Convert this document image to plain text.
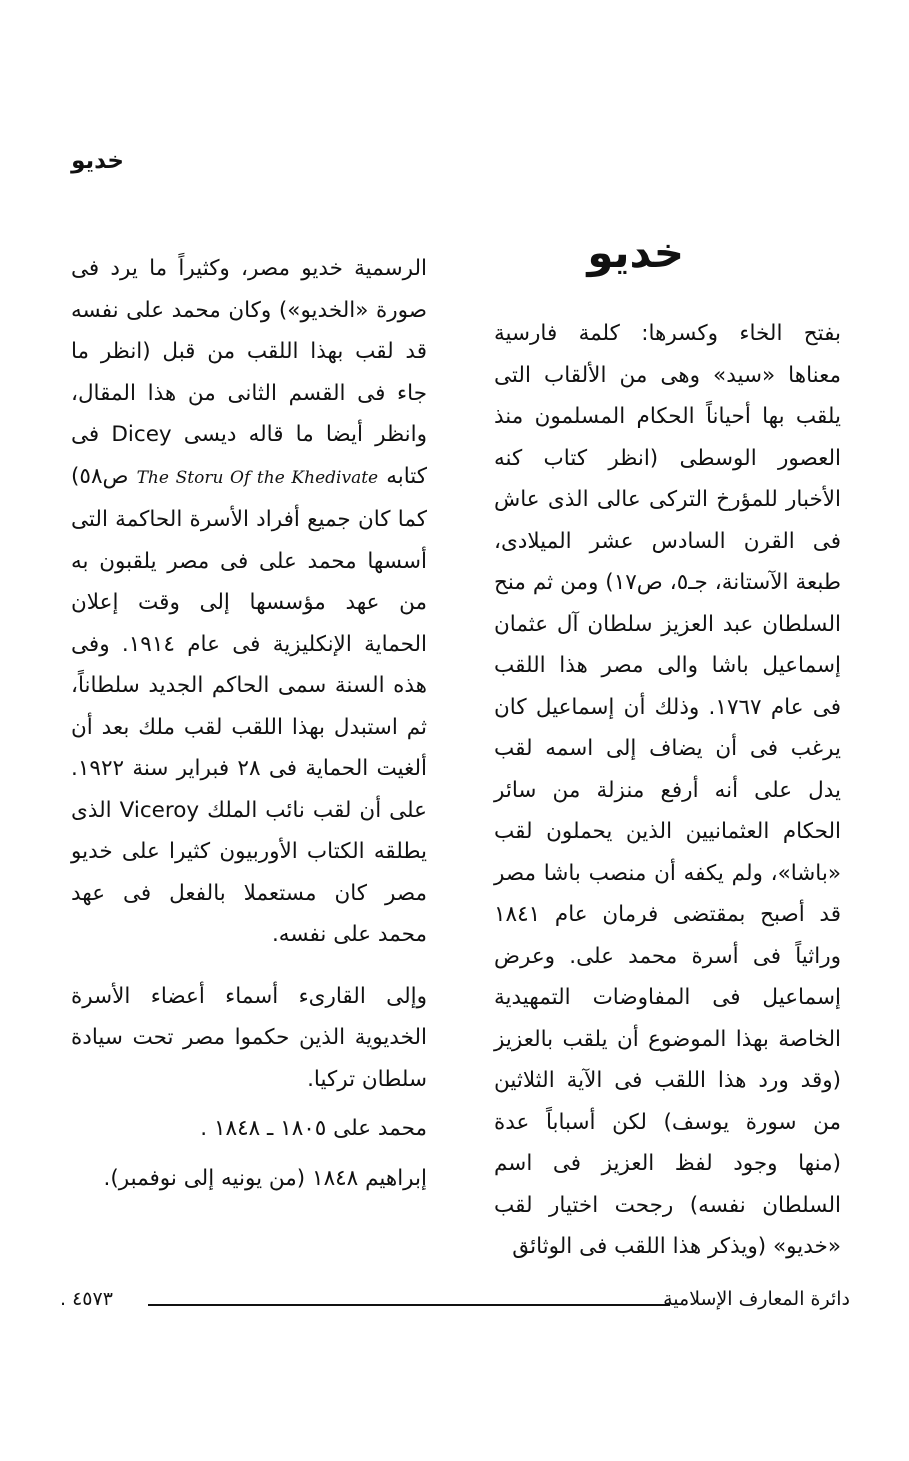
خديو
خديو

بفتح الخاء وكسرها: كلمة فارسية معناها «سيد» وهى من الألقاب التى يلقب بها أحياناً الحكام المسلمون منذ العصور الوسطى (انظر كتاب كنه الأخبار للمؤرخ التركى عالى الذى عاش فى القرن السادس عشر الميلادى، طبعة الآستانة، جـ٥، ص١٧) ومن ثم منح السلطان عبد العزيز سلطان آل عثمان إسماعيل باشا والى مصر هذا اللقب فى عام ١٧٦٧. وذلك أن إسماعيل كان يرغب فى أن يضاف إلى اسمه لقب يدل على أنه أرفع منزلة من سائر الحكام العثمانيين الذين يحملون لقب «باشا»، ولم يكفه أن منصب باشا مصر قد أصبح بمقتضى فرمان عام ١٨٤١ وراثياً فى أسرة محمد على. وعرض إسماعيل فى المفاوضات التمهيدية الخاصة بهذا الموضوع أن يلقب بالعزيز (وقد ورد هذا اللقب فى الآية الثلاثين من سورة يوسف) لكن أسباباً عدة (منها وجود لفظ العزيز فى اسم السلطان نفسه) رجحت اختيار لقب «خديو» (ويذكر هذا اللقب فى الوثائق

الرسمية خديو مصر، وكثيراً ما يرد فى صورة «الخديو») وكان محمد على نفسه قد لقب بهذا اللقب من قبل (انظر ما جاء فى القسم الثانى من هذا المقال، وانظر أيضا ما قاله ديسى Dicey فى كتابه The Storu Of the Khedivate ص٥٨) كما كان جميع أفراد الأسرة الحاكمة التى أسسها محمد على فى مصر يلقبون به من عهد مؤسسها إلى وقت إعلان الحماية الإنكليزية فى عام ١٩١٤. وفى هذه السنة سمى الحاكم الجديد سلطاناً، ثم استبدل بهذا اللقب لقب ملك بعد أن ألغيت الحماية فى ٢٨ فبراير سنة ١٩٢٢. على أن لقب نائب الملك Viceroy الذى يطلقه الكتاب الأوربيون كثيرا على خديو مصر كان مستعملا بالفعل فى عهد محمد على نفسه.

وإلى القارىء أسماء أعضاء الأسرة الخديوية الذين حكموا مصر تحت سيادة سلطان تركيا.

محمد على ١٨٠٥ ـ ١٨٤٨ .

إبراهيم ١٨٤٨ (من يونيه إلى نوفمبر).

٤٥٧٣ .	دائرة المعارف الإسلامية
